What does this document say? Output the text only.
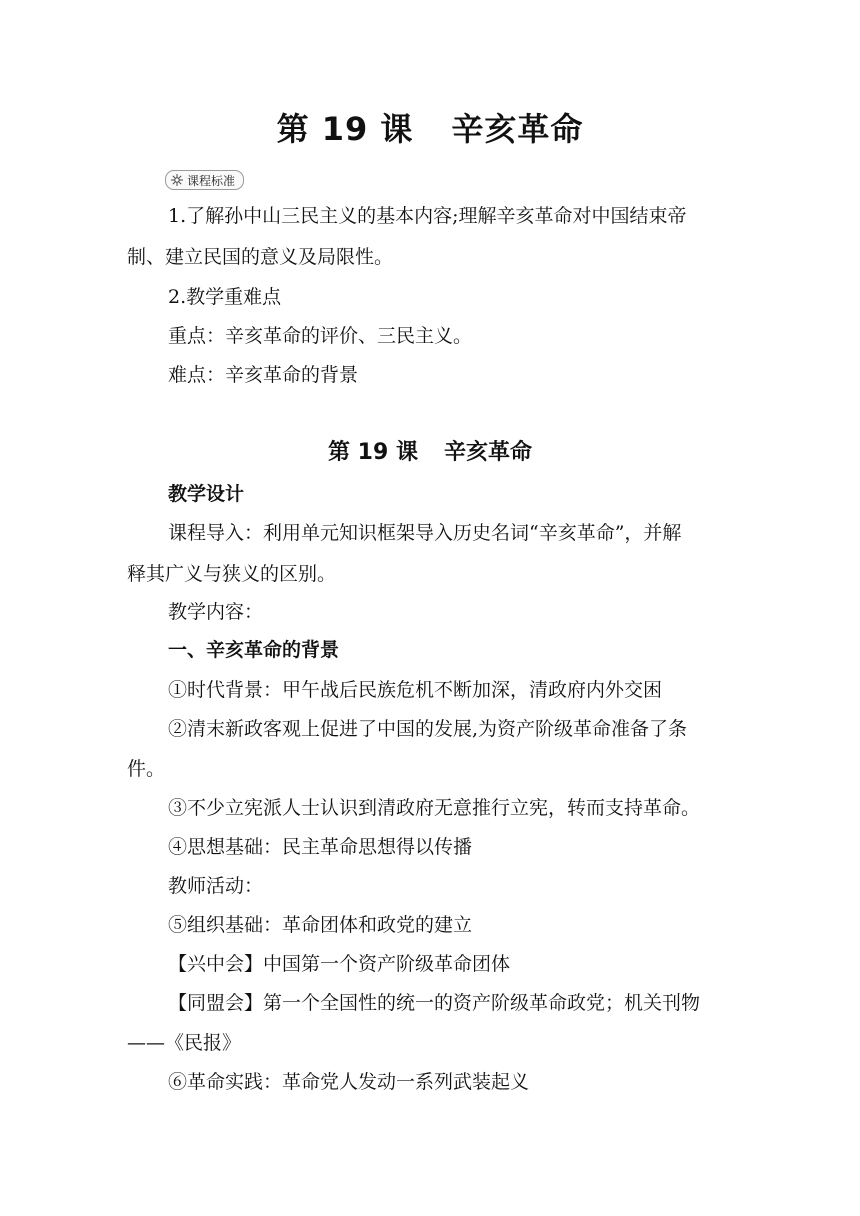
第 19 课 辛亥革命
课程标准
1.了解孙中山三民主义的基本内容;理解辛亥革命对中国结束帝
制、建立民国的意义及局限性。
2.教学重难点
重点：辛亥革命的评价、三民主义。
难点：辛亥革命的背景
第 19 课 辛亥革命
教学设计
课程导入：利用单元知识框架导入历史名词“辛亥革命”，并解
释其广义与狭义的区别。
教学内容：
一、辛亥革命的背景
①时代背景：甲午战后民族危机不断加深，清政府内外交困
②清末新政客观上促进了中国的发展,为资产阶级革命准备了条
件。
③不少立宪派人士认识到清政府无意推行立宪，转而支持革命。
④思想基础：民主革命思想得以传播
教师活动：
⑤组织基础：革命团体和政党的建立
【兴中会】中国第一个资产阶级革命团体
【同盟会】第一个全国性的统一的资产阶级革命政党；机关刊物
——《民报》
⑥革命实践：革命党人发动一系列武装起义
